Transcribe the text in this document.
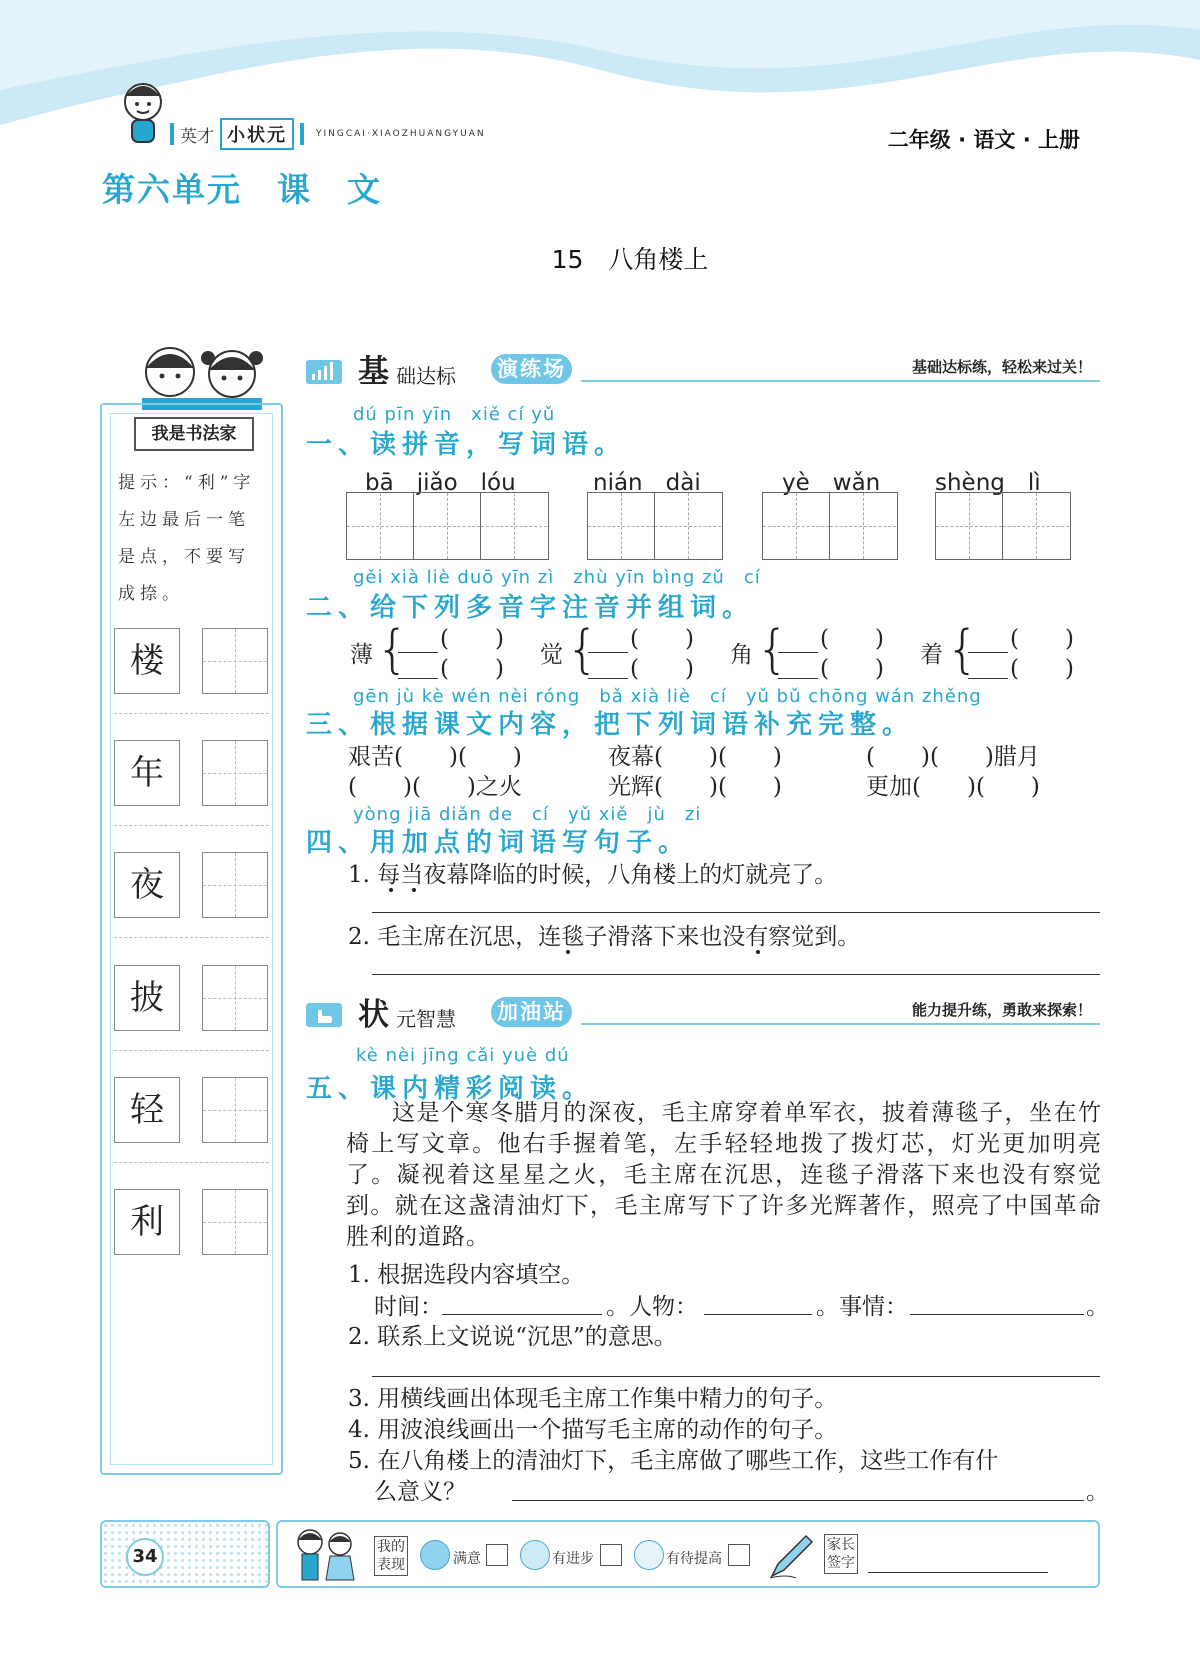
英才 小状元	YINGCAI·XIAOZHUANGYUAN	二年级 · 语文 · 上册
第六单元　课　文
15　八角楼上
我是书法家
提示：“利”字左边最后一笔是点，不要写成捺。
楼
年
夜
披
轻
利
基 础达标 演练场	基础达标练，轻松来过关！
dú pīn yīn　xiě cí yǔ
一、读拼音，写词语。
bā　jiǎo　lóu	nián　dài	yè　wǎn shèng　lì
gěi xià liè duō yīn zì　zhù yīn bìng zǔ　cí
二、给下列多音字注音并组词。
薄 { (　　)
(　　)
觉 { (　　)
(　　)
角 { (　　)
(　　)
着 { (　　)
(　　)
gēn jù kè wén nèi róng　bǎ xià liè　cí　yǔ bǔ chōng wán zhěng
三、根据课文内容，把下列词语补充完整。
艰苦(　　)(　　)	夜幕(　　)(　　)	(　　)(　　)腊月
(　　)(　　)之火	光辉(　　)(　　)	更加(　　)(　　)
yòng jiā diǎn de　cí　yǔ xiě　jù　zi
四、用加点的词语写句子。
1. 每当夜幕降临的时候，八角楼上的灯就亮了。
2. 毛主席在沉思，连毯子滑落下来也没有察觉到。
状 元智慧 加油站	能力提升练，勇敢来探索！
kè nèi jīng cǎi yuè dú
五、课内精彩阅读。

这是个寒冬腊月的深夜，毛主席穿着单军衣，披着薄毯子，坐在竹椅上写文章。他右手握着笔，左手轻轻地拨了拨灯芯，灯光更加明亮了。凝视着这星星之火，毛主席在沉思，连毯子滑落下来也没有察觉到。就在这盏清油灯下，毛主席写下了许多光辉著作，照亮了中国革命胜利的道路。

1. 根据选段内容填空。
时间：	。人物：	。事情：	。
2. 联系上文说说“沉思”的意思。
3. 用横线画出体现毛主席工作集中精力的句子。
4. 用波浪线画出一个描写毛主席的动作的句子。
5. 在八角楼上的清油灯下，毛主席做了哪些工作，这些工作有什
么意义？	。
34	我的表现	满意	有进步	有待提高
家长签字
